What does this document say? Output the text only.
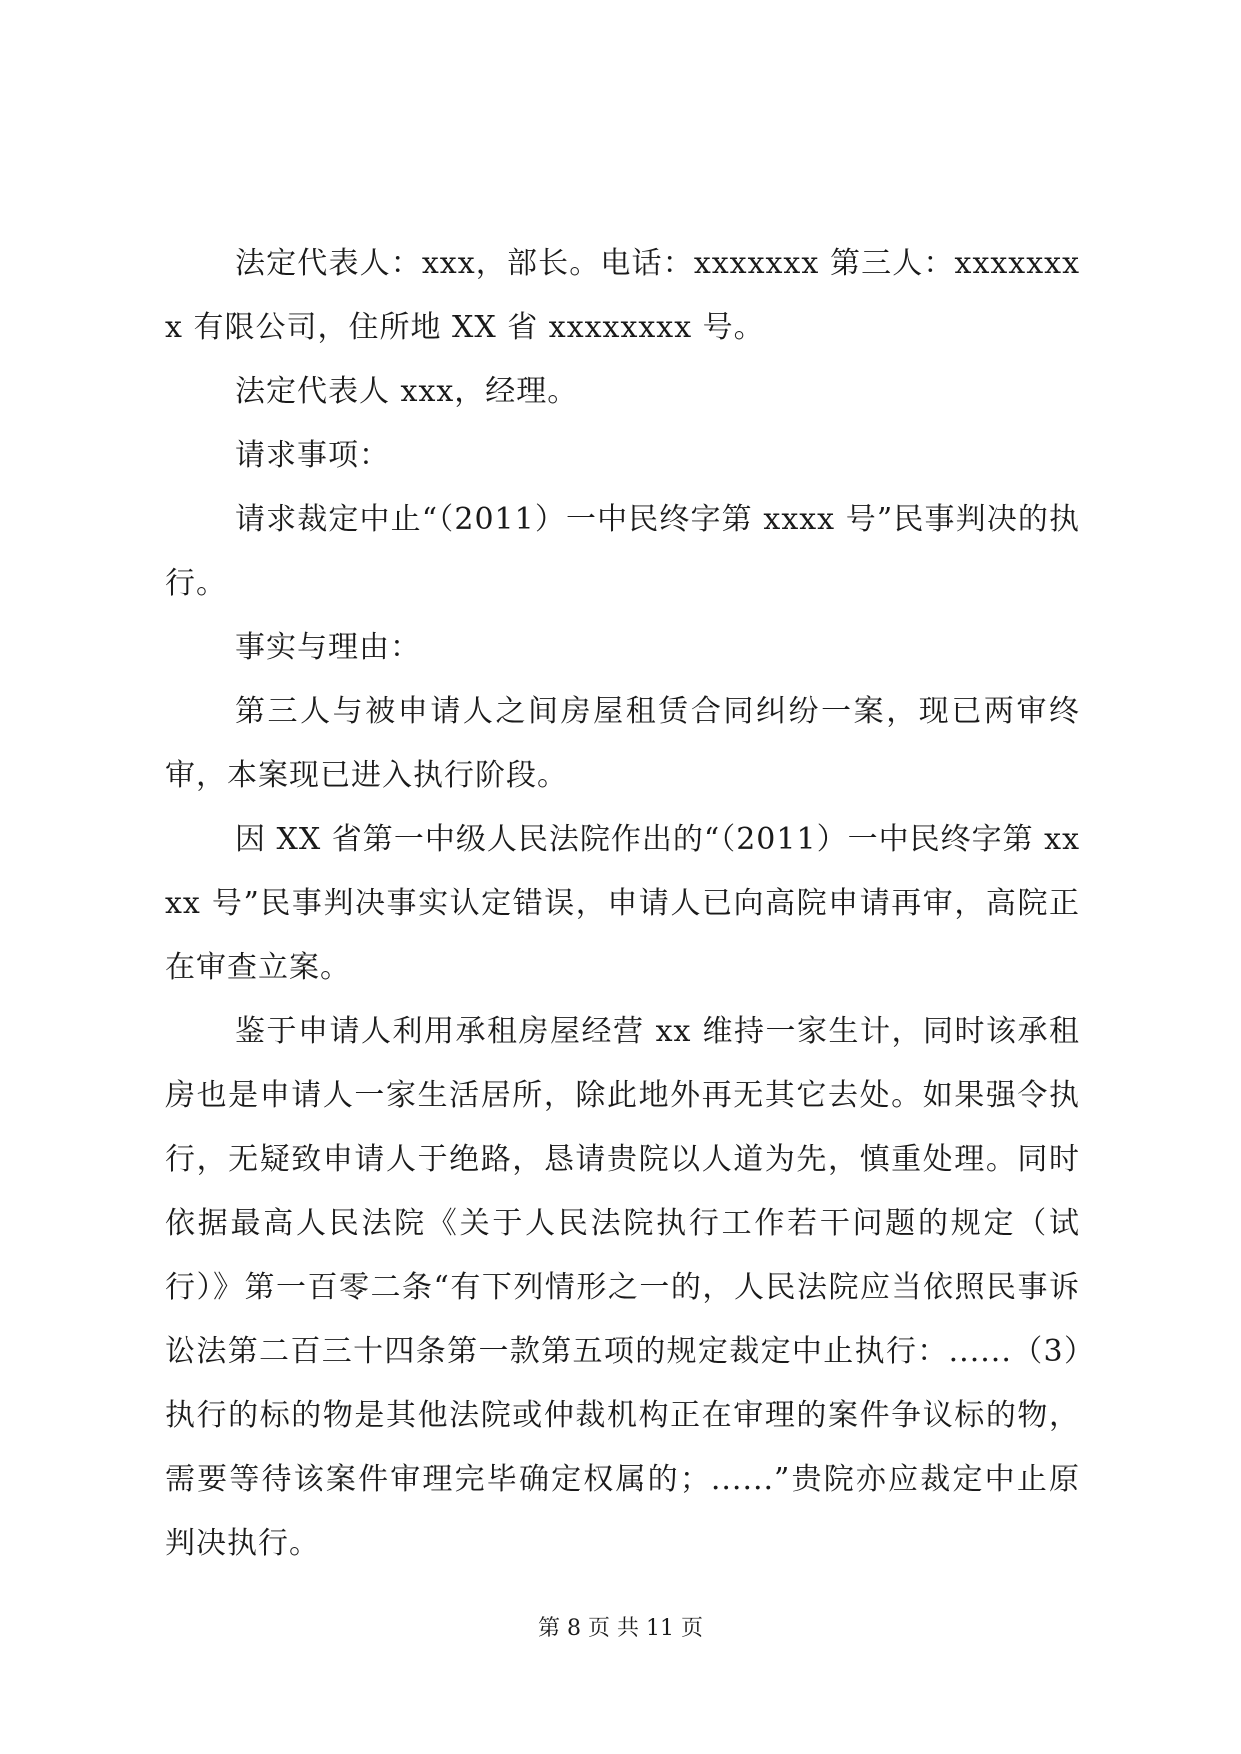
法定代表人：xxx，部长。电话：xxxxxxx 第三人：xxxxxxxx 有限公司，住所地 XX 省 xxxxxxxx 号。

法定代表人 xxx，经理。

请求事项：

请求裁定中止“（2011）一中民终字第 xxxx 号”民事判决的执行。

事实与理由：

第三人与被申请人之间房屋租赁合同纠纷一案，现已两审终审，本案现已进入执行阶段。

因 XX 省第一中级人民法院作出的“（2011）一中民终字第 xxxx 号”民事判决事实认定错误，申请人已向高院申请再审，高院正在审查立案。

鉴于申请人利用承租房屋经营 xx 维持一家生计，同时该承租房也是申请人一家生活居所，除此地外再无其它去处。如果强令执行，无疑致申请人于绝路，恳请贵院以人道为先，慎重处理。同时依据最高人民法院《关于人民法院执行工作若干问题的规定（试行）》第一百零二条“有下列情形之一的，人民法院应当依照民事诉讼法第二百三十四条第一款第五项的规定裁定中止执行：......（3）执行的标的物是其他法院或仲裁机构正在审理的案件争议标的物，需要等待该案件审理完毕确定权属的；......”贵院亦应裁定中止原判决执行。

第 8 页 共 11 页
